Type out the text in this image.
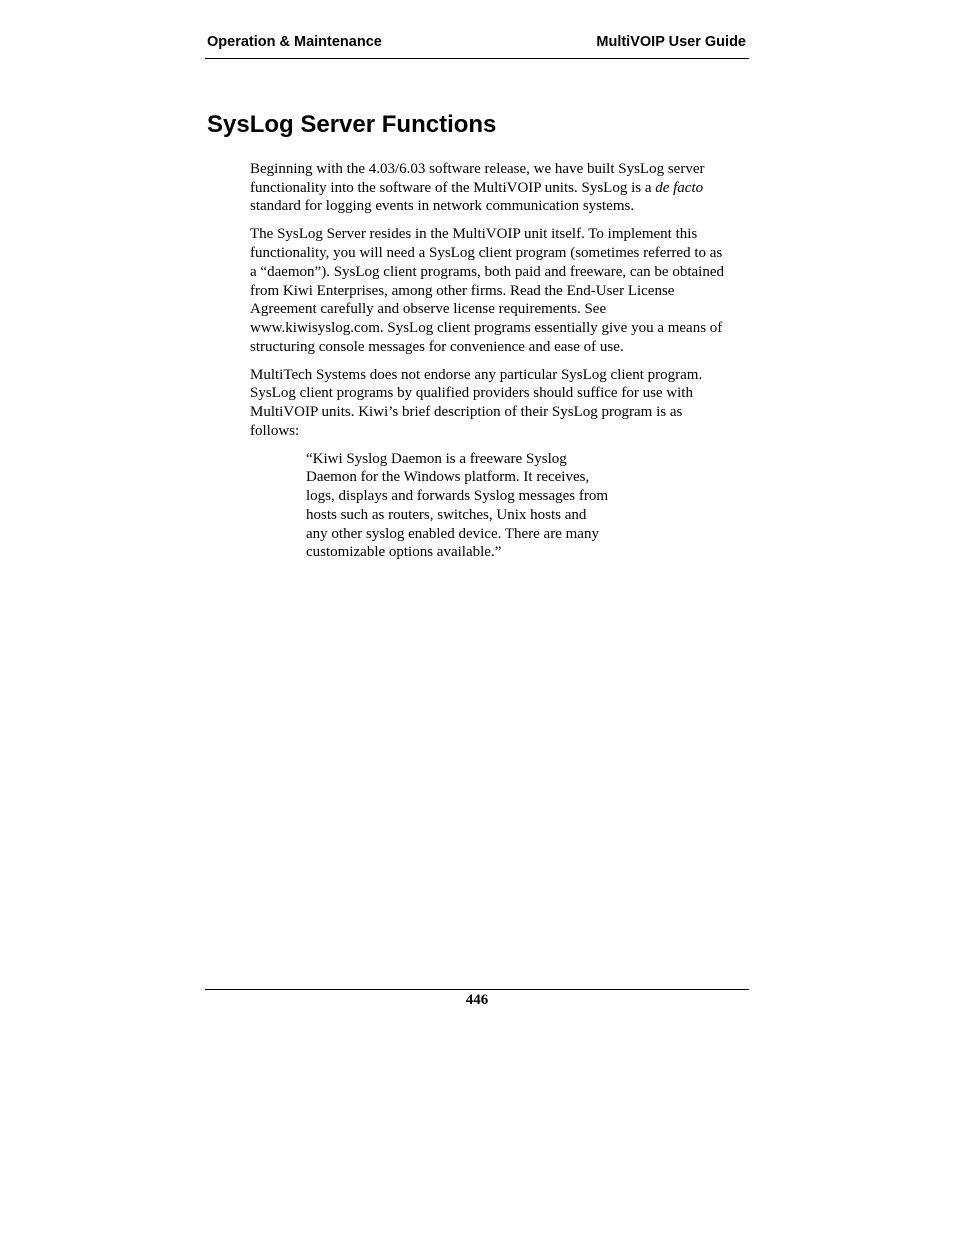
Operation & Maintenance	MultiVOIP User Guide
SysLog Server Functions

Beginning with the 4.03/6.03 software release, we have built SysLog server
functionality into the software of the MultiVOIP units. SysLog is a de facto
standard for logging events in network communication systems.

The SysLog Server resides in the MultiVOIP unit itself. To implement this
functionality, you will need a SysLog client program (sometimes referred to as
a “daemon”). SysLog client programs, both paid and freeware, can be obtained
from Kiwi Enterprises, among other firms. Read the End-User License
Agreement carefully and observe license requirements. See
www.kiwisyslog.com. SysLog client programs essentially give you a means of
structuring console messages for convenience and ease of use.

MultiTech Systems does not endorse any particular SysLog client program.
SysLog client programs by qualified providers should suffice for use with
MultiVOIP units. Kiwi’s brief description of their SysLog program is as
follows:

“Kiwi Syslog Daemon is a freeware Syslog
Daemon for the Windows platform. It receives,
logs, displays and forwards Syslog messages from
hosts such as routers, switches, Unix hosts and
any other syslog enabled device. There are many
customizable options available.”
446
